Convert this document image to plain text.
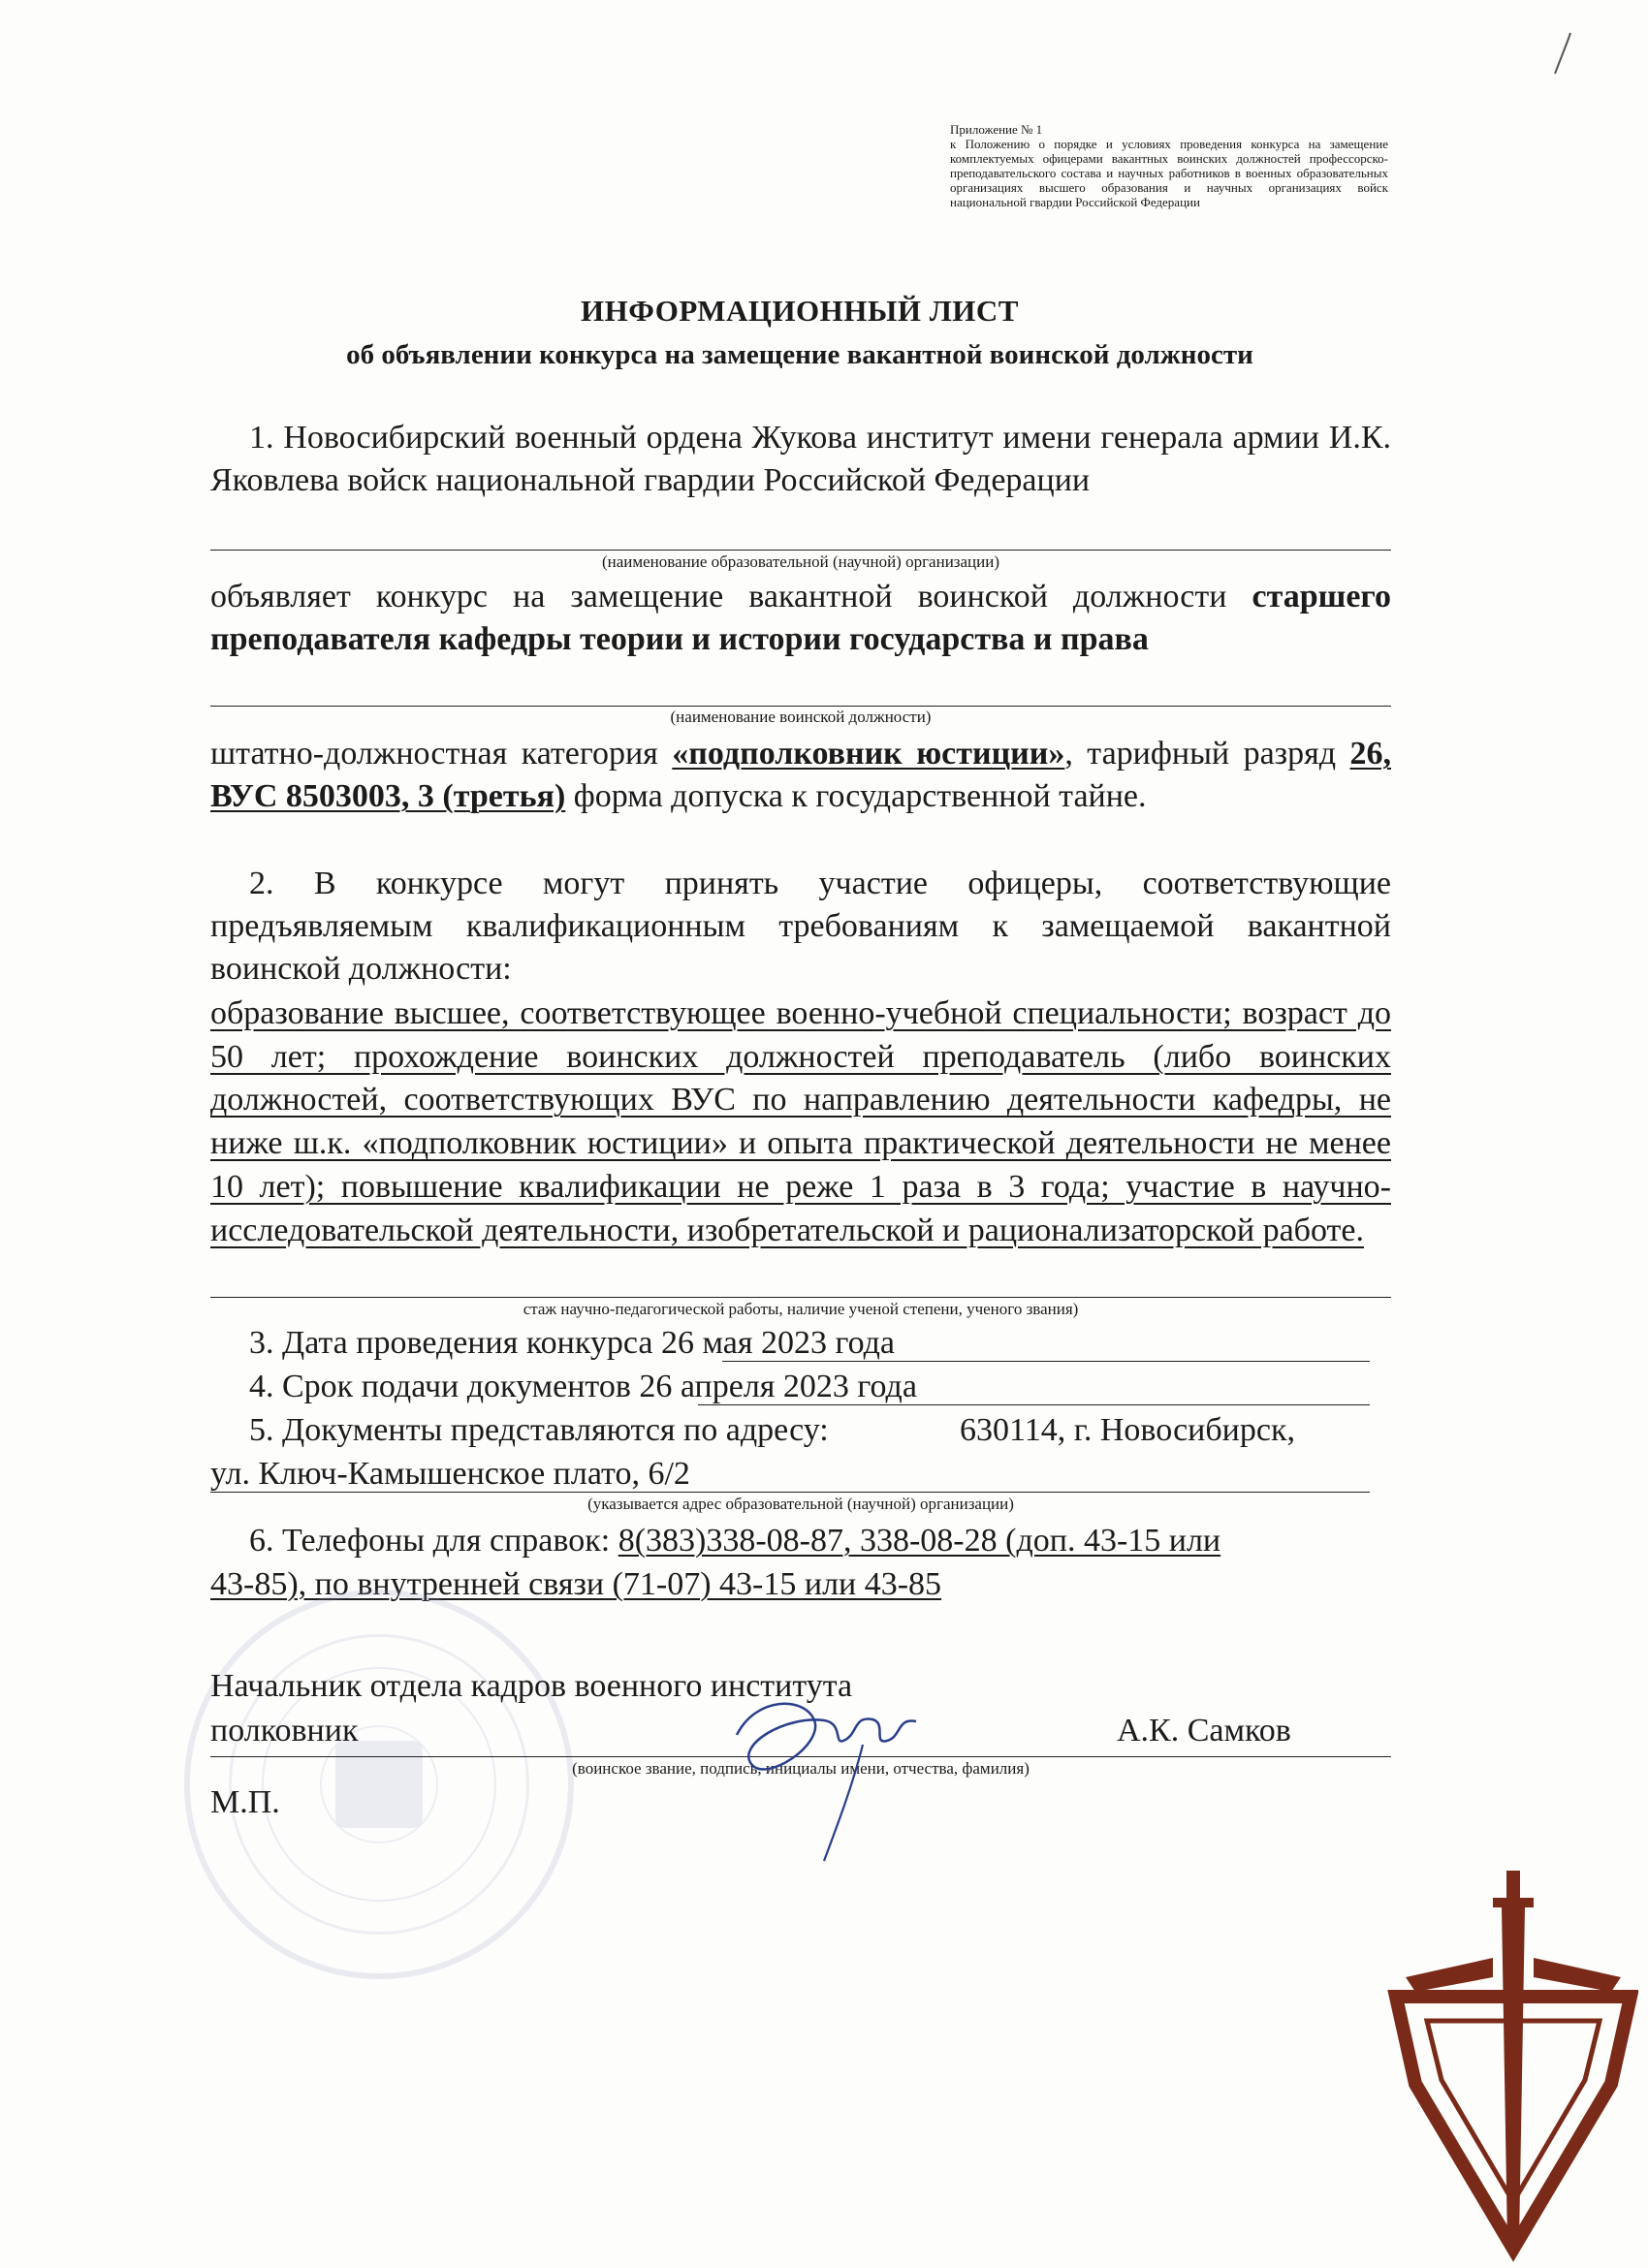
Приложение № 1
к Положению о порядке и условиях проведения конкурса на замещение комплектуемых офицерами вакантных воинских должностей профессорско-преподавательского состава и научных работников в военных образовательных организациях высшего образования и научных организациях войск национальной гвардии Российской Федерации
ИНФОРМАЦИОННЫЙ ЛИСТ
об объявлении конкурса на замещение вакантной воинской должности
1. Новосибирский военный ордена Жукова институт имени генерала армии И.К. Яковлева войск национальной гвардии Российской Федерации
(наименование образовательной (научной) организации)
объявляет конкурс на замещение вакантной воинской должности старшего преподавателя кафедры теории и истории государства и права
(наименование воинской должности)
штатно-должностная категория «подполковник юстиции», тарифный разряд 26, ВУС 8503003, 3 (третья) форма допуска к государственной тайне.
2. В конкурсе могут принять участие офицеры, соответствующие предъявляемым квалификационным требованиям к замещаемой вакантной воинской должности:
образование высшее, соответствующее военно-учебной специальности; возраст до 50 лет; прохождение воинских должностей преподаватель (либо воинских должностей, соответствующих ВУС по направлению деятельности кафедры, не ниже ш.к. «подполковник юстиции» и опыта практической деятельности не менее 10 лет); повышение квалификации не реже 1 раза в 3 года; участие в научно-исследовательской деятельности, изобретательской и рационализаторской работе.
стаж научно-педагогической работы, наличие ученой степени, ученого звания)
3. Дата проведения конкурса 26 мая 2023 года
4. Срок подачи документов 26 апреля 2023 года
5. Документы представляются по адресу:	630114, г. Новосибирск,
ул. Ключ-Камышенское плато, 6/2
(указывается адрес образовательной (научной) организации)
6. Телефоны для справок: 8(383)338-08-87, 338-08-28 (доп. 43-15 или
43-85), по внутренней связи (71-07) 43-15 или 43-85
Начальник отдела кадров военного института
полковник	А.К. Самков
(воинское звание, подпись, инициалы имени, отчества, фамилия)
М.П.
